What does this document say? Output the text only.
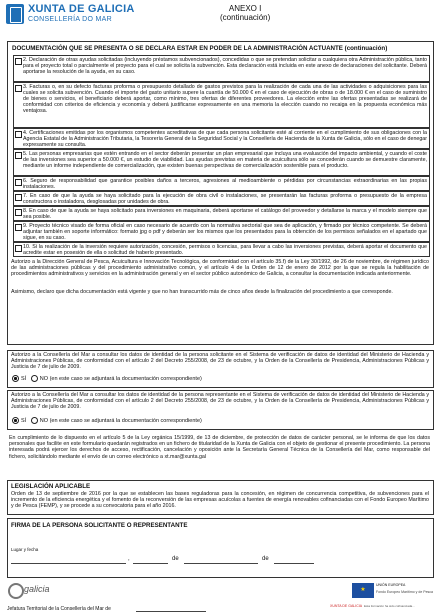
XUNTA DE GALICIA
CONSELLERÍA DO MAR
ANEXO I
(continuación)
DOCUMENTACIÓN QUE SE PRESENTA O SE DECLARA ESTAR EN PODER DE LA ADMINISTRACIÓN ACTUANTE (continuación)
2. Declaración de otras ayudas solicitadas (incluyendo préstamos subvencionados), concedidas o que se pretendan solicitar a cualquiera otra Administración pública, tanto para el proyecto total o parcialmente el proyecto para el cual se solicita la subvención. Esta declaración está incluida en este anexo de declaraciones del solicitante. Deberá aportarse la resolución de la ayuda, en su caso.
3. Facturas o, en su defecto facturas proforma o presupuesto detallado de gastos previstos para la realización de cada una de las actividades o adquisiciones para las cuales se solicita subvención. Cuando el importe del gasto unitario supere la cuantía de 50.000 € en el caso de ejecución de obras o de 18.000 € en el caso de suministro de bienes o servicios, el beneficiario deberá aportar, como mínimo, tres ofertas de diferentes proveedores. La elección entre las ofertas presentadas se realizará de conformidad con criterios de eficiencia y economía y deberá justificarse expresamente en una memoria la elección cuando no recaiga en la propuesta económica más ventajosa.
4. Certificaciones emitidas por los organismos competentes acreditativas de que cada persona solicitante esté al corriente en el cumplimiento de sus obligaciones con la Agencia Estatal de la Administración Tributaria, la Tesorería General de la Seguridad Social y la Consellería de Hacienda de la Xunta de Galicia, sólo en el caso de denegar expresamente su consulta.
5. Las personas empresarias que estén entrando en el sector deberán presentar un plan empresarial que incluya una evaluación del impacto ambiental, y cuando el coste de las inversiones sea superior a 50.000 €, un estudio de viabilidad. Las ayudas previstas en materia de acuicultura sólo se concederán cuando se demuestre claramente, mediante un informe independiente de comercialización, que existen buenas perspectivas de comercialización sostenible para el producto.
6. Seguro de responsabilidad que garantice posibles daños a terceros, agresiones al medioambiente o pérdidas por circunstancias extraordinarias en las propias instalaciones.
7. En caso de que la ayuda se haya solicitado para la ejecución de obra civil o instalaciones, se presentarán las facturas proforma o presupuesto de la empresa constructora o instaladora, desglosadas por unidades de obra.
8. En caso de que la ayuda se haya solicitado para inversiones en maquinaria, deberá aportarse el catálogo del proveedor y detallarse la marca y el modelo siempre que sea posible.
9. Proyecto técnico visado de forma oficial en caso necesario de acuerdo con la normativa sectorial que sea de aplicación, y firmado por técnico competente. Se deberá adjuntar también en soporte informático: formato jpg o pdf y deberán ser los mismos que los presentados para la obtención de los permisos señalados en el apartado que sigue, en su caso.
10. Si la realización de la inversión requiere autorización, concesión, permisos o licencias, para llevar a cabo las inversiones previstas, deberá aportar el documento que acredite estar en posesión de ella o solicitud de haberlo presentado.
Autorizo a la Dirección General de Pesca, Acuicultura e Innovación Tecnológica, de conformidad con el artículo 35.f) de la Ley 30/1992, de 26 de noviembre, de régimen jurídico de las administraciones públicas y del procedimiento administrativo común, y el artículo 4 de la Orden de 12 de enero de 2012 por la que se regula la habilitación de procedimientos administrativos y servicios en la administración general y en el sector público autonómico de Galicia, a consultar la documentación indicada anteriormente.
Asimismo, declaro que dicha documentación está vigente y que no han transcurrido más de cinco años desde la finalización del procedimiento a que corresponde.
Autorizo a la Consellería del Mar a consultar los datos de identidad de la persona solicitante en el Sistema de verificación de datos de identidad del Ministerio de Hacienda y Administraciones Públicas, de conformidad con el artículo 2 del Decreto 255/2008, de 23 de octubre, y la Orden de la Consellería de Presidencia, Administraciones Públicas y Justicia de 7 de julio de 2009.
SÍ NO (en este caso se adjuntará la documentación correspondiente)
Autorizo a la Consellería del Mar a consultar los datos de identidad de la persona representante en el Sistema de verificación de datos de identidad del Ministerio de Hacienda y Administraciones Públicas, de conformidad con el artículo 2 del Decreto 255/2008, de 23 de octubre, y la Orden de la Consellería de Presidencia, Administraciones Públicas y Justicia de 7 de julio de 2009.
SÍ NO (en este caso se adjuntará la documentación correspondiente)
En cumplimiento de lo dispuesto en el artículo 5 de la Ley orgánica 15/1999, de 13 de diciembre, de protección de datos de carácter personal, se le informa de que los datos personales que facilite en este formulario quedarán registrados en un fichero de titularidad de la Xunta de Galicia con el objeto de gestionar el presente procedimiento. La persona interesada podrá ejercer los derechos de acceso, rectificación, cancelación y oposición ante la Secretaría General Técnica de la Consellería del Mar, como responsable del fichero, solicitándolo mediante el envío de un correo electrónico a xt.mar@xunta.gal
LEGISLACIÓN APLICABLE
Orden de 13 de septiembre de 2016 por la que se establecen las bases reguladoras para la concesión, en régimen de concurrencia competitiva, de subvenciones para el incremento de la eficiencia energética y el fomento de la reconversión de las empresas acuícolas a fuentes de energía renovables cofinanciadas con el Fondo Europeo Marítimo y de Pesca (FEMP), y se procede a su convocatoria para el año 2016.
FIRMA DE LA PERSONA SOLICITANTE O REPRESENTANTE
Lugar y fecha
,	de	de
galicia
Jefatura Territorial de la Consellería del Mar de
★
UNIÓN EUROPEA
Fondo Europeo Marítimo y de Pesca
XUNTA DE GALICIA Esta formación ha sido cofinanciada...
